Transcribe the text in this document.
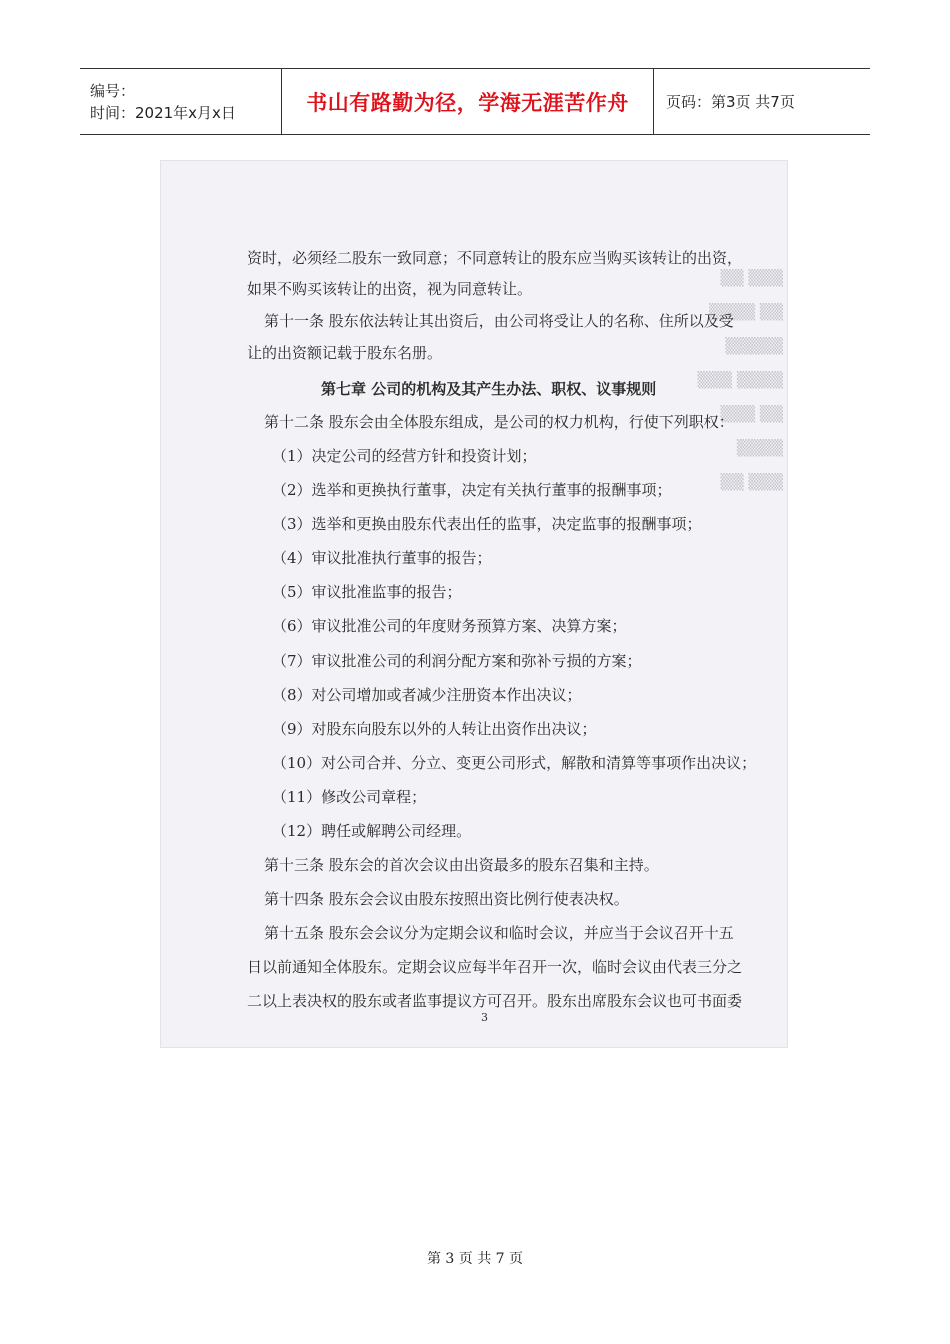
编号：
时间：2021年x月x日	书山有路勤为径，学海无涯苦作舟 页码：第3页 共7页
▒▒ ▒▒▒
▒▒▒▒ ▒▒
▒▒▒▒▒
▒▒▒ ▒▒▒▒
▒▒▒ ▒▒
▒▒▒▒
▒▒ ▒▒▒
资时，必须经二股东一致同意；不同意转让的股东应当购买该转让的出资，
如果不购买该转让的出资，视为同意转让。
第十一条 股东依法转让其出资后，由公司将受让人的名称、住所以及受
让的出资额记载于股东名册。
第七章 公司的机构及其产生办法、职权、议事规则
第十二条 股东会由全体股东组成，是公司的权力机构，行使下列职权：
（1）决定公司的经营方针和投资计划；
（2）选举和更换执行董事，决定有关执行董事的报酬事项；
（3）选举和更换由股东代表出任的监事，决定监事的报酬事项；
（4）审议批准执行董事的报告；
（5）审议批准监事的报告；
（6）审议批准公司的年度财务预算方案、决算方案；
（7）审议批准公司的利润分配方案和弥补亏损的方案；
（8）对公司增加或者减少注册资本作出决议；
（9）对股东向股东以外的人转让出资作出决议；
（10）对公司合并、分立、变更公司形式，解散和清算等事项作出决议；
（11）修改公司章程；
（12）聘任或解聘公司经理。
第十三条 股东会的首次会议由出资最多的股东召集和主持。
第十四条 股东会会议由股东按照出资比例行使表决权。
第十五条 股东会会议分为定期会议和临时会议，并应当于会议召开十五
日以前通知全体股东。定期会议应每半年召开一次，临时会议由代表三分之
二以上表决权的股东或者监事提议方可召开。股东出席股东会议也可书面委
3
第 3 页 共 7 页
